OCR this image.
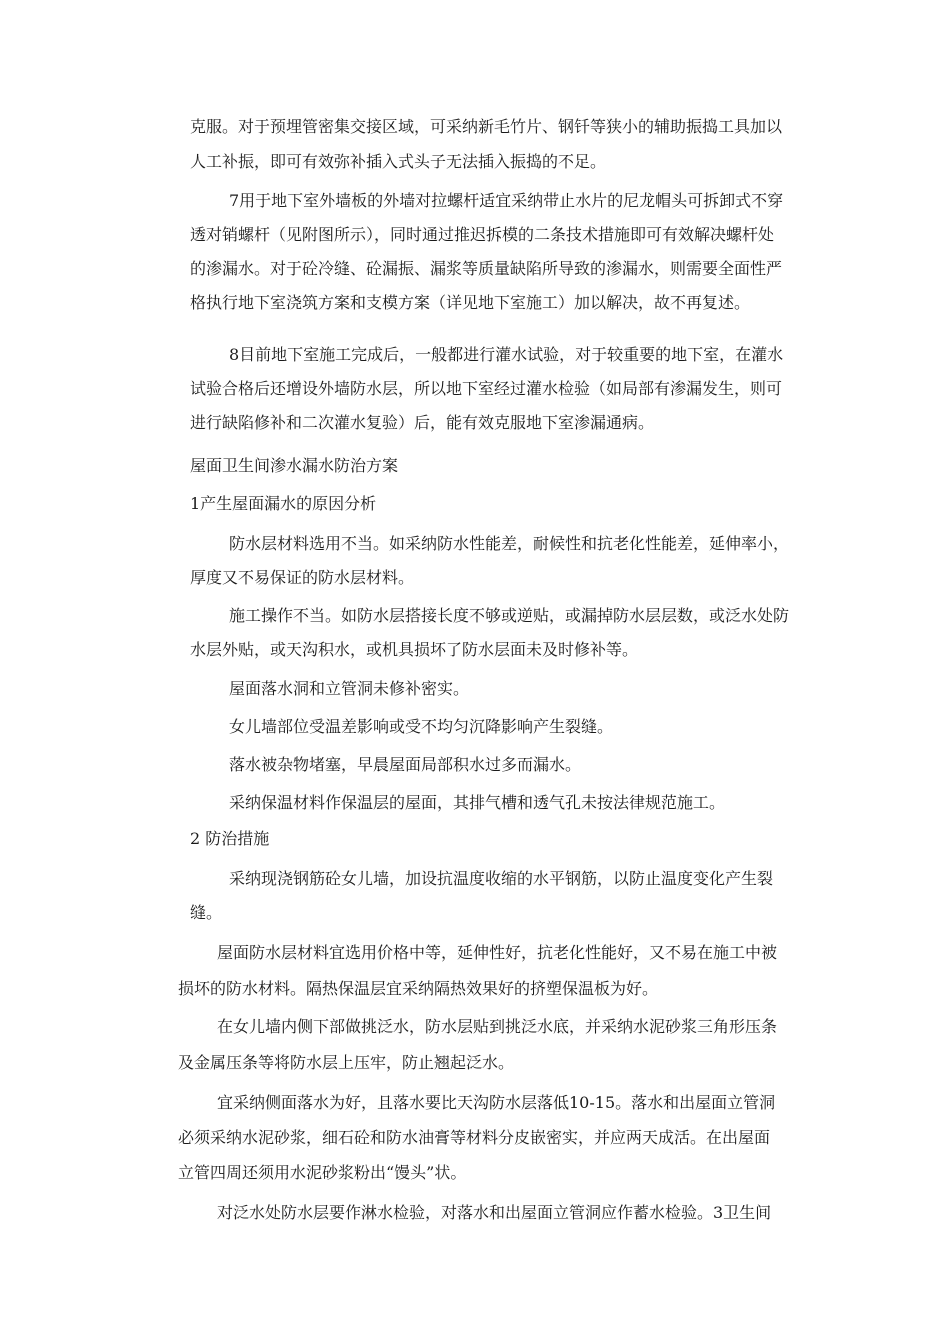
克服。对于预埋管密集交接区域，可采纳新毛竹片、钢钎等狭小的辅助振捣工具加以

人工补振，即可有效弥补插入式头子无法插入振捣的不足。

7用于地下室外墙板的外墙对拉螺杆适宜采纳带止水片的尼龙帽头可拆卸式不穿

透对销螺杆（见附图所示），同时通过推迟拆模的二条技术措施即可有效解决螺杆处

的渗漏水。对于砼冷缝、砼漏振、漏浆等质量缺陷所导致的渗漏水，则需要全面性严

格执行地下室浇筑方案和支模方案（详见地下室施工）加以解决，故不再复述。

8目前地下室施工完成后，一般都进行灌水试验，对于较重要的地下室，在灌水

试验合格后还增设外墙防水层，所以地下室经过灌水检验（如局部有渗漏发生，则可

进行缺陷修补和二次灌水复验）后，能有效克服地下室渗漏通病。

屋面卫生间渗水漏水防治方案

1产生屋面漏水的原因分析

防水层材料选用不当。如采纳防水性能差，耐候性和抗老化性能差，延伸率小，

厚度又不易保证的防水层材料。

施工操作不当。如防水层搭接长度不够或逆贴，或漏掉防水层层数，或泛水处防

水层外贴，或天沟积水，或机具损坏了防水层面未及时修补等。

屋面落水洞和立管洞未修补密实。

女儿墙部位受温差影响或受不均匀沉降影响产生裂缝。

落水被杂物堵塞，早晨屋面局部积水过多而漏水。

采纳保温材料作保温层的屋面，其排气槽和透气孔未按法律规范施工。

2 防治措施

采纳现浇钢筋砼女儿墙，加设抗温度收缩的水平钢筋，以防止温度变化产生裂

缝。

屋面防水层材料宜选用价格中等，延伸性好，抗老化性能好，又不易在施工中被

损坏的防水材料。隔热保温层宜采纳隔热效果好的挤塑保温板为好。

在女儿墙内侧下部做挑泛水，防水层贴到挑泛水底，并采纳水泥砂浆三角形压条

及金属压条等将防水层上压牢，防止翘起泛水。

宜采纳侧面落水为好，且落水要比天沟防水层落低10-15。落水和出屋面立管洞

必须采纳水泥砂浆，细石砼和防水油膏等材料分皮嵌密实，并应两天成活。在出屋面

立管四周还须用水泥砂浆粉出“馒头”状。

对泛水处防水层要作淋水检验，对落水和出屋面立管洞应作蓄水检验。3卫生间
